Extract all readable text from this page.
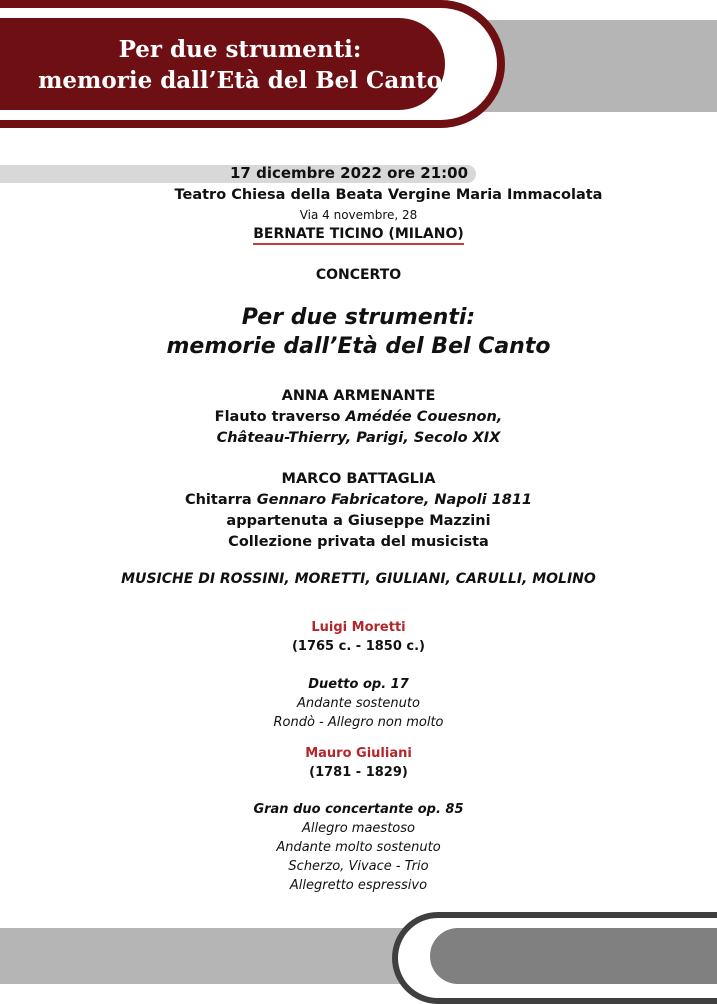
Per due strumenti:
memorie dall’Età del Bel Canto
17 dicembre 2022 ore 21:00
Teatro Chiesa della Beata Vergine Maria Immacolata
Via 4 novembre, 28
BERNATE TICINO (MILANO)
CONCERTO
Per due strumenti:
memorie dall’Età del Bel Canto
ANNA ARMENANTE
Flauto traverso Amédée Couesnon,
Château-Thierry, Parigi, Secolo XIX
MARCO BATTAGLIA
Chitarra Gennaro Fabricatore, Napoli 1811
appartenuta a Giuseppe Mazzini
Collezione privata del musicista
MUSICHE DI ROSSINI, MORETTI, GIULIANI, CARULLI, MOLINO
Luigi Moretti
(1765 c. - 1850 c.)
Duetto op. 17
Andante sostenuto
Rondò - Allegro non molto
Mauro Giuliani
(1781 - 1829)
Gran duo concertante op. 85
Allegro maestoso
Andante molto sostenuto
Scherzo, Vivace - Trio
Allegretto espressivo
